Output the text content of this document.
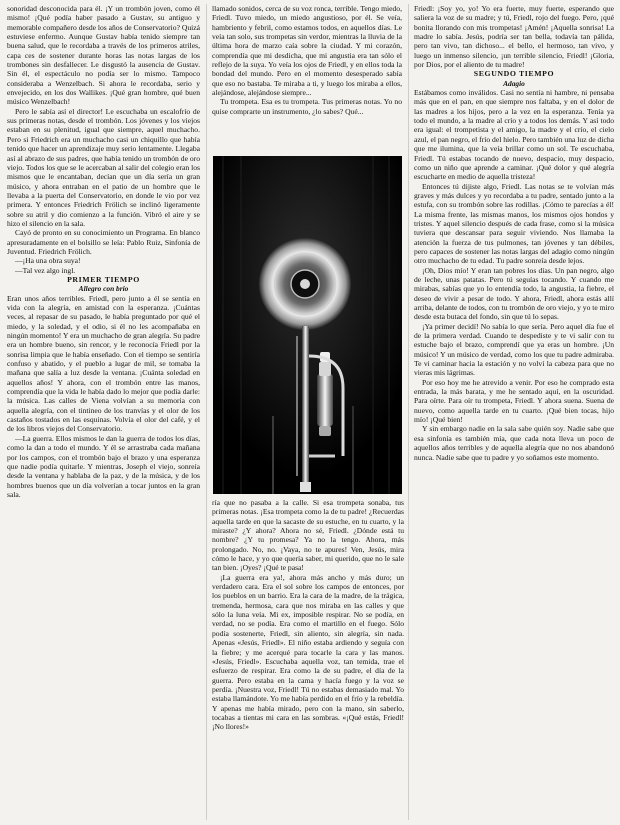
sonoridad desconocida para él. ¡Y un trombón joven, como él mismo! ¡Qué podía haber pasado a Gustav, su antiguo y memorable compañero desde los años de Conservatorio? Quizá estuviese enfermo. Aunque Gustav había tenido siempre tan buena salud, que le recordaba a través de los primeros atriles, capa ces de sostener durante horas las notas largas de los trombones sin desfallecer. Le disgustó la ausencia de Gustav. Sin él, el espectáculo no podía ser lo mismo. Tampoco consideraba a Wenzelbach. Si ahora le recordaba, serio y envejecido, en los dos Wallikes. ¡Qué gran hombre, qué buen músico Wenzelbach!

Pero le sabía así el director! Le escuchaba un escalofrío de sus primeras notas, desde el trombón. Los jóvenes y los viejos estaban en su plenitud, igual que siempre, aquel muchacho. Pero si Friedrich era un muchacho casi un chiquillo que había tenido que hacer un aprendizaje muy serio lentamente. Llegaba así al abrazo de sus padres, que había tenido un trombón de oro viejo. Todos los que se le acercaban al salir del colegio eran los mismos que le encantaban, decían que un día sería un gran músico, y ahora entraban en el patio de un hombre que le llevaba a la puerta del Conservatorio, en donde le vio por vez primera. Y entonces Friedrich Frölich se inclinó ligeramente sobre su atril y dio comienzo a la función. Vibró el aire y se hizo el silencio en la sala.

Cayó de pronto en su conocimiento un Programa. En blanco apresuradamente en el bolsillo se leía: Pablo Ruiz, Sinfonía de Juventud. Friedrich Frölich.

—¡Ha una obra suya!

—Tal vez algo ingl.

PRIMER TIEMPO

Allegro con brio

Eran unos años terribles. Friedl, pero junto a él se sentía en vida con la alegría, en amistad con la esperanza. ¡Cuántas veces, al repasar de su pasado, le había preguntado por qué el miedo, y la soledad, y el odio, si él no les acompañaba en ningún momento! Y era un muchacho de gran alegría. Su padre era un hombre bueno, sin rencor, y le reconocía Friedl por la sonrisa limpia que le había enseñado. Con el tiempo se sentiría confuso y abatido, y el pueblo a lugar de mil, se tomaba la mañana que salía a luz desde la ventana. ¡Cuánta soledad en aquellos años! Y ahora, con el trombón entre las manos, comprendía que la vida le había dado lo mejor que podía darle: la música. Las calles de Viena volvían a su memoria con aquella alegría, con el tintineo de los tranvías y el olor de los castaños tostados en las esquinas. Volvía el olor del café, y el de los libros viejos del Conservatorio.

—La guerra. Ellos mismos le dan la guerra de todos los días, como la dan a todo el mundo. Y él se arrastraba cada mañana por los campos, con el trombón bajo el brazo y una esperanza que nadie podía quitarle. Y mientras, Joseph el viejo, sonreía desde la ventana y hablaba de la paz, y de la música, y de los hombres buenos que un día volverían a tocar juntos en la gran sala.

llamado sonidos, cerca de su voz ronca, terrible. Tengo miedo, Friedl. Tuvo miedo, un miedo angustioso, por él. Se veía, hambriento y febril, como estamos todos, en aquellos días. Le veía tan solo, sus trompetas sin verdor, mientras la lluvia de la última hora de marzo caía sobre la ciudad. Y mi corazón, comprendía que mi desdicha, que mi angustia era tan sólo el reflejo de la suya. Yo veía los ojos de Friedl, y en ellos toda la bondad del mundo. Pero en el momento desesperado sabía que eso no bastaba. Te miraba a ti, y luego los miraba a ellos, alejándose, alejándose siempre...

Tu trompeta. Esa es tu trompeta. Tus primeras notas. Yo no quise comprarte un instrumento, ¿lo sabes? Qué...

ría que no pasaba a la calle. Si esa trompeta sonaba, tus primeras notas. ¡Esa trompeta como la de tu padre! ¿Recuerdas aquella tarde en que la sacaste de su estuche, en tu cuarto, y la miraste? ¿Y ahora? Ahora no sé, Friedl. ¿Dónde está tu nombre? ¿Y tu promesa? Ya no la tengo. Ahora, más prolongado. No, no. ¡Vaya, no te apures! Ven, Jesús, mira cómo le hace, y yo que quería saber, mi querido, que no le sale tan bien. ¡Oyes? ¡Qué te pasa!

¡La guerra era ya!, ahora más ancho y más duro; un verdadero cara. Era el sol sobre los campos de entonces, por los pueblos en un barrio. Era la cara de la madre, de la trágica, tremenda, hermosa, cara que nos miraba en las calles y que sólo la luna veía. Mi ex, imposible respirar. No se podía, en verdad, no se podía. Era como el martillo en el fuego. Sólo podía sostenerte, Friedl, sin aliento, sin alegría, sin nada. Apenas «Jesús, Friedl». El niño estaba ardiendo y seguía con la fiebre; y me acerqué para tocarle la cara y las manos. «Jesús, Friedl». Escuchaba aquella voz, tan temida, trae el esfuerzo de respirar. Era como la de su padre, el día de la guerra. Pero estaba en la cama y hacía fuego y la voz se perdía. ¡Nuestra voz, Friedl! Tú no estabas demasiado mal. Yo estaba llamándote. Yo me había perdido en el frío y la rebeldía. Y apenas me había mirado, pero con la mano, sin saberlo, tocabas a tientas mi cara en las sombras. «¡Qué estás, Friedl! ¡No llores!»

Friedl: ¡Soy yo, yo! Yo era fuerte, muy fuerte, esperando que saliera la voz de su madre; y tú, Friedl, rojo del fuego. Pero, ¡qué bonita llorando con mis trompetas! ¡Amén! ¡Aquella sonrisa! La madre lo sabía. Jesús, podría ser tan bella, todavía tan pálida, pero tan vivo, tan dichoso... el bello, el hermoso, tan vivo, y luego un inmenso silencio, ¡un terrible silencio, Friedl! ¡Gloria, por Dios, por el aliento de tu madre!

SEGUNDO TIEMPO

Adagio

Estábamos como inválidos. Casi no sentía ni hambre, ni pensaba más que en el pan, en que siempre nos faltaba, y en el dolor de las madres a los hijos, pero a la vez en la esperanza. Tenía ya todo el mundo, a la madre al crío y a todos los demás. Y así todo era igual: el trompetista y el amigo, la madre y el crío, el cielo azul, el pan negro, el frío del hielo. Pero también una luz de dicha que me ilumina, que la veía brillar como un sol. Te escuchaba, Friedl. Tú estabas tocando de nuevo, despacio, muy despacio, como un niño que aprende a caminar. ¡Qué dolor y qué alegría escucharte en medio de aquella tristeza!

Entonces tú dijiste algo, Friedl. Las notas se te volvían más graves y más dulces y yo recordaba a tu padre, sentado junto a la estufa, con su trombón sobre las rodillas. ¡Cómo te parecías a él! La misma frente, las mismas manos, los mismos ojos hondos y tristes. Y aquel silencio después de cada frase, como si la música tuviera que descansar para seguir viviendo. Nos llamaba la atención la fuerza de tus pulmones, tan jóvenes y tan débiles, pero capaces de sostener las notas largas del adagio como ningún otro muchacho de tu edad. Tu padre sonreía desde lejos.

¡Oh, Dios mío! Y eran tan pobres los días. Un pan negro, algo de leche, unas patatas. Pero tú seguías tocando. Y cuando me mirabas, sabías que yo lo entendía todo, la angustia, la fiebre, el deseo de vivir a pesar de todo. Y ahora, Friedl, ahora estás allí arriba, delante de todos, con tu trombón de oro viejo, y yo te miro desde esta butaca del fondo, sin que tú lo sepas.

¡Ya primer decidí! No sabía lo que sería. Pero aquel día fue el de la primera verdad. Cuando te despediste y te vi salir con tu estuche bajo el brazo, comprendí que ya eras un hombre. ¡Un músico! Y un músico de verdad, como los que tu padre admiraba. Te vi caminar hacia la estación y no volví la cabeza para que no vieras mis lágrimas.

Por eso hoy me he atrevido a venir. Por eso he comprado esta entrada, la más barata, y me he sentado aquí, en la oscuridad. Para oírte. Para oír tu trompeta, Friedl. Y ahora suena. Suena de nuevo, como aquella tarde en tu cuarto. ¡Qué bien tocas, hijo mío! ¡Qué bien!

Y sin embargo nadie en la sala sabe quién soy. Nadie sabe que esa sinfonía es también mía, que cada nota lleva un poco de aquellos años terribles y de aquella alegría que no nos abandonó nunca. Nadie sabe que tu padre y yo soñamos este momento.
